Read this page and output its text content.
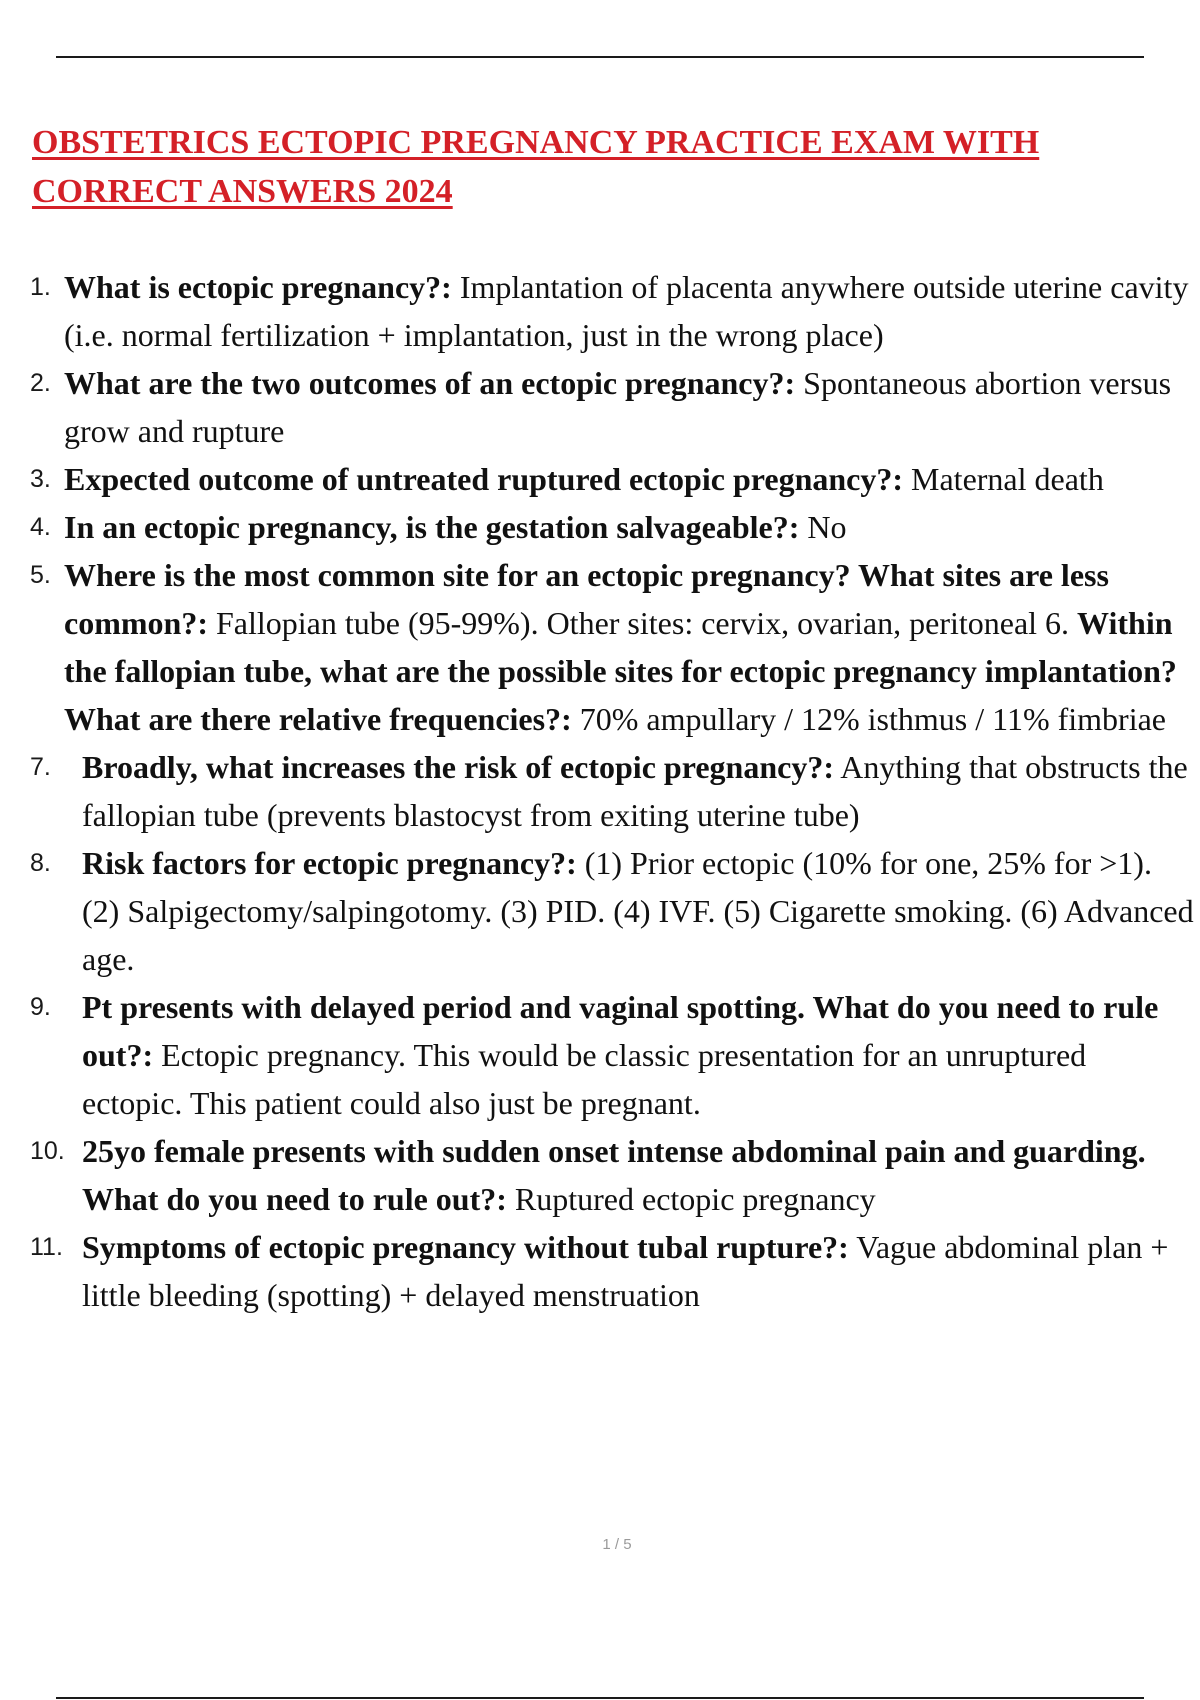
OBSTETRICS ECTOPIC PREGNANCY PRACTICE EXAM WITH
CORRECT ANSWERS 2024
1. What is ectopic pregnancy?: Implantation of placenta anywhere outside uterine cavity (i.e. normal fertilization + implantation, just in the wrong place)
2. What are the two outcomes of an ectopic pregnancy?: Spontaneous abortion versus grow and rupture
3. Expected outcome of untreated ruptured ectopic pregnancy?: Maternal death
4. In an ectopic pregnancy, is the gestation salvageable?: No
5. Where is the most common site for an ectopic pregnancy? What sites are less common?: Fallopian tube (95-99%). Other sites: cervix, ovarian, peritoneal 6. Within the fallopian tube, what are the possible sites for ectopic pregnancy implantation? What are there relative frequencies?: 70% ampullary / 12% isthmus / 11% fimbriae
7. Broadly, what increases the risk of ectopic pregnancy?: Anything that obstructs the fallopian tube (prevents blastocyst from exiting uterine tube)
8. Risk factors for ectopic pregnancy?: (1) Prior ectopic (10% for one, 25% for >1). (2) Salpigectomy/salpingotomy. (3) PID. (4) IVF. (5) Cigarette smoking. (6) Advanced age.
9. Pt presents with delayed period and vaginal spotting. What do you need to rule out?: Ectopic pregnancy. This would be classic presentation for an unruptured ectopic. This patient could also just be pregnant.
10. 25yo female presents with sudden onset intense abdominal pain and guarding. What do you need to rule out?: Ruptured ectopic pregnancy
11. Symptoms of ectopic pregnancy without tubal rupture?: Vague abdominal plan + little bleeding (spotting) + delayed menstruation
1 / 5
